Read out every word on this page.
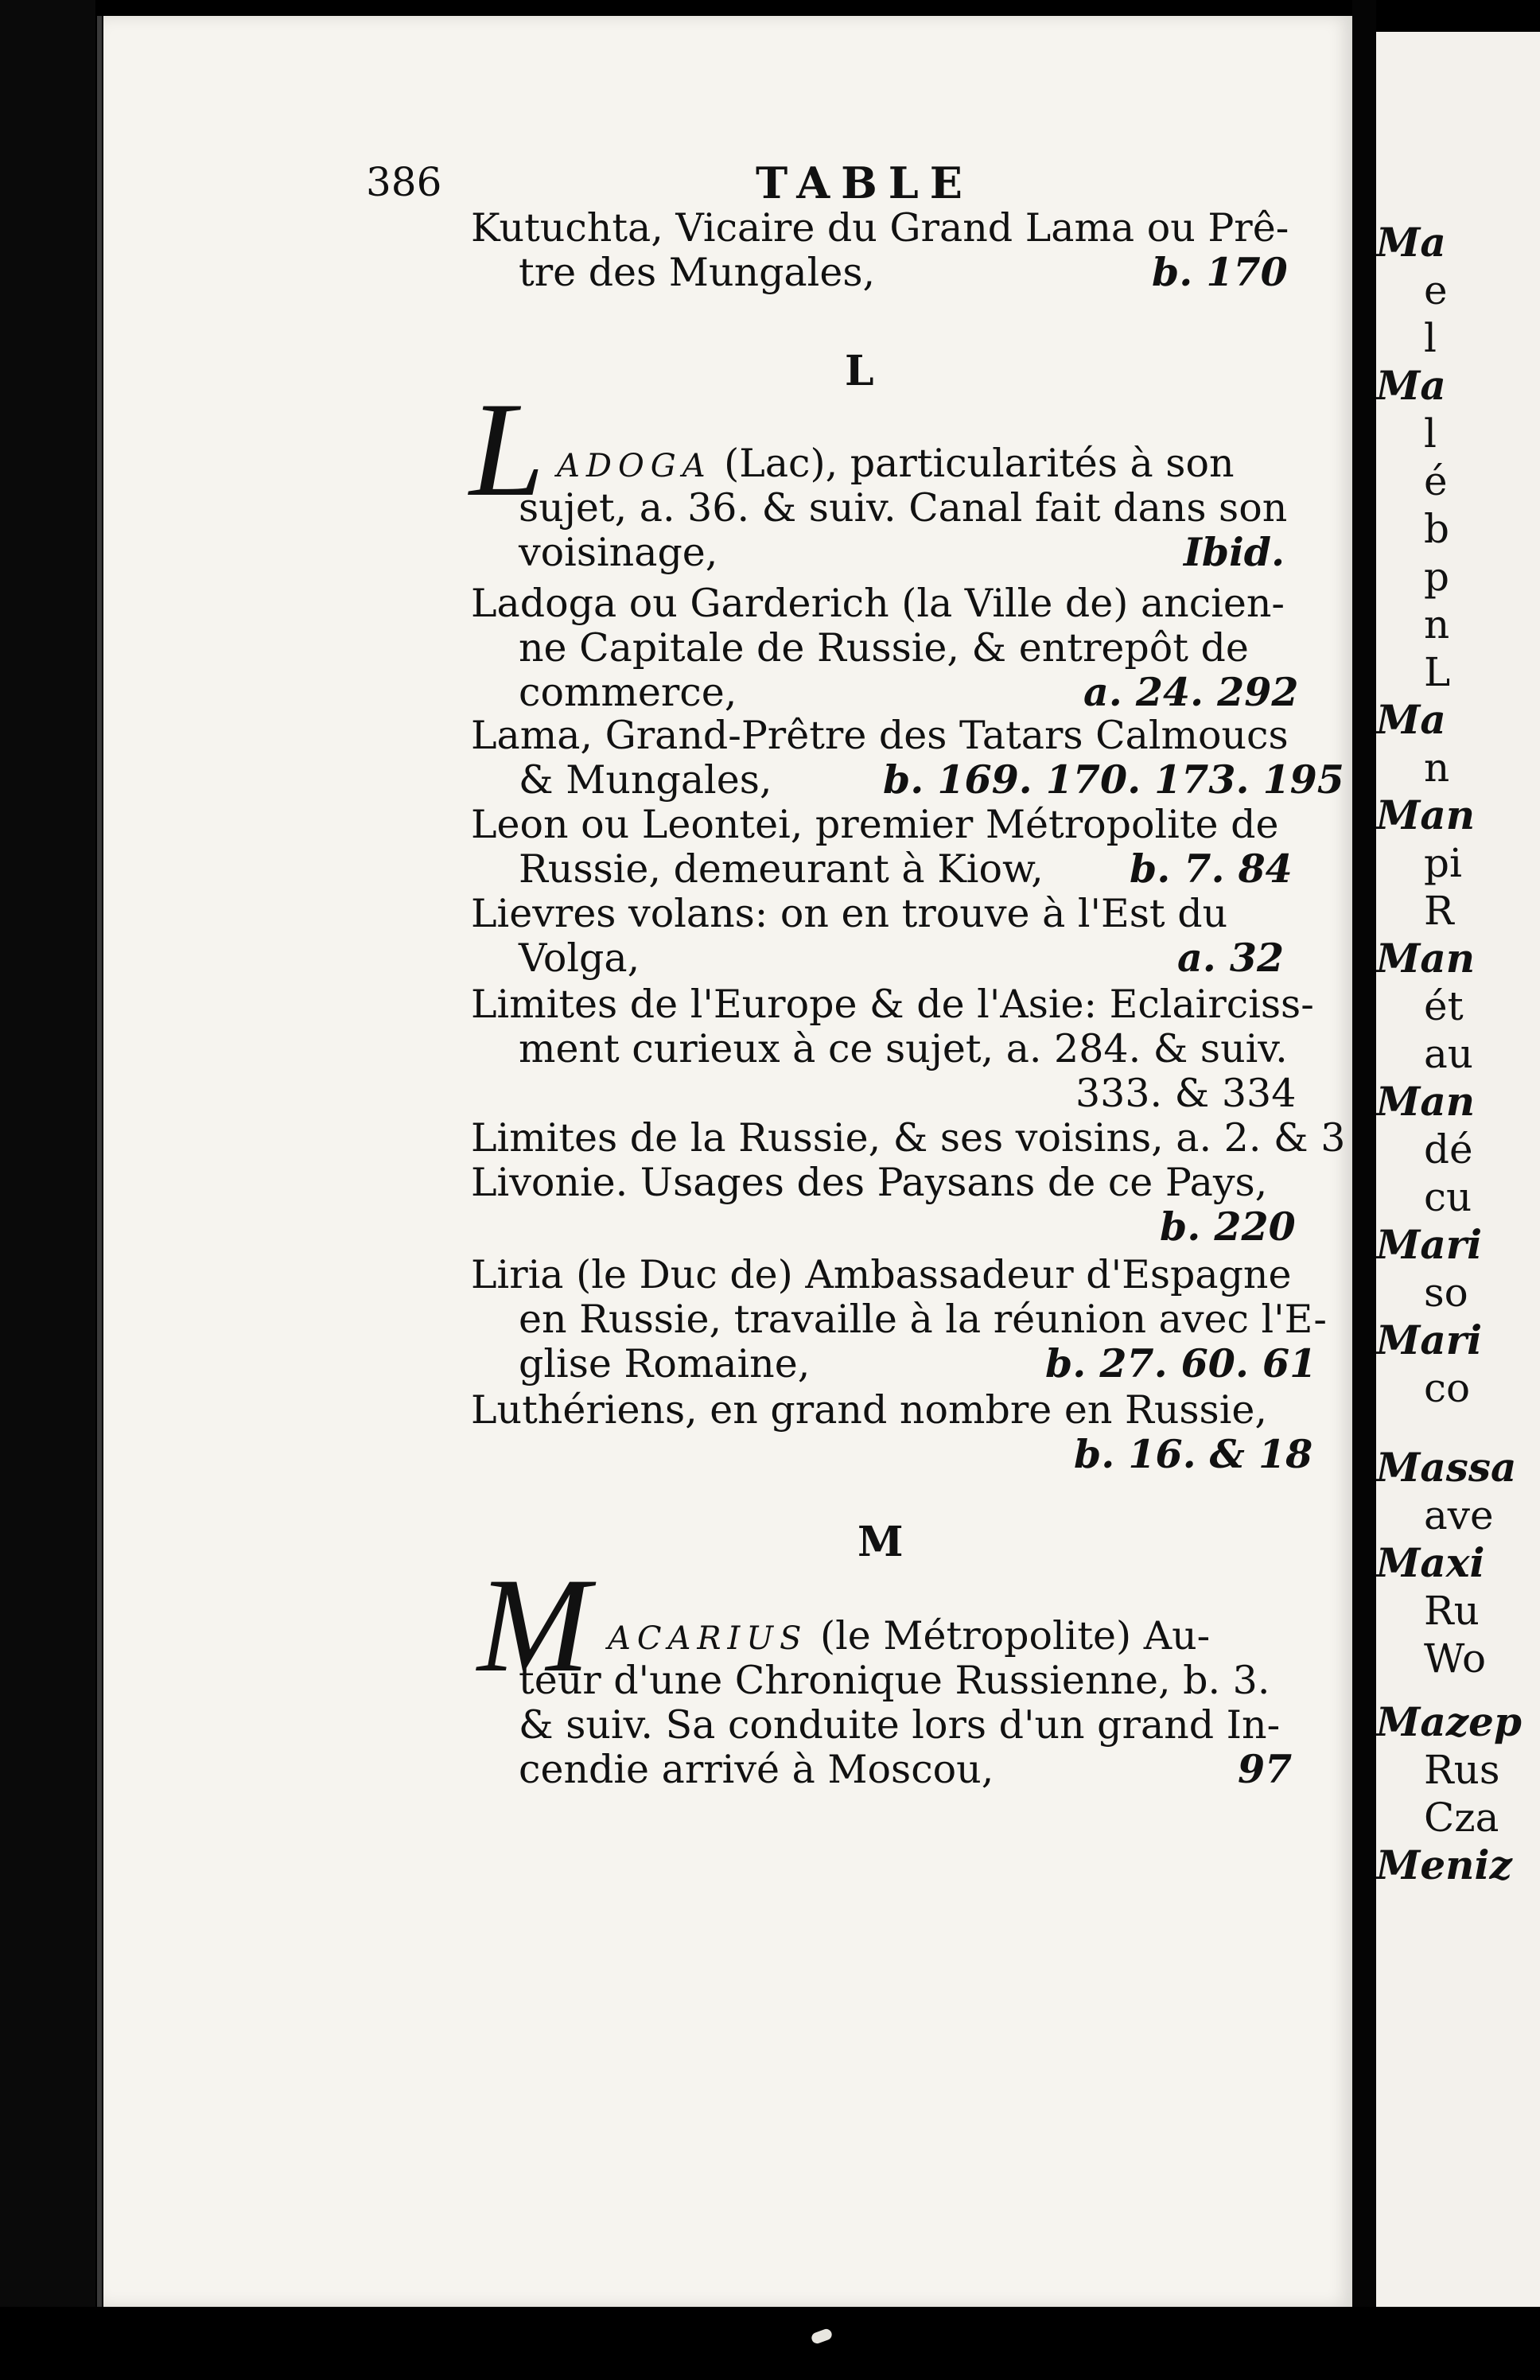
386	TABLE
Kutuchta, Vicaire du Grand Lama ou Prê-
tre des Mungales,	b. 170
L
L ADOGA (Lac), particularités à son
sujet, a. 36. & suiv. Canal fait dans son
voisinage,	Ibid.
Ladoga ou Garderich (la Ville de) ancien-
ne Capitale de Russie, & entrepôt de
commerce,	a. 24. 292
Lama, Grand-Prêtre des Tatars Calmoucs
& Mungales,	b. 169. 170. 173. 195
Leon ou Leontei, premier Métropolite de
Russie, demeurant à Kiow, b. 7. 84
Lievres volans: on en trouve à l'Est du
Volga,	a. 32
Limites de l'Europe & de l'Asie: Eclairciss-
ment curieux à ce sujet, a. 284. & suiv.
333. & 334
Limites de la Russie, & ses voisins, a. 2. & 3
Livonie. Usages des Paysans de ce Pays,
b. 220
Liria (le Duc de) Ambassadeur d'Espagne
en Russie, travaille à la réunion avec l'E-
glise Romaine,	b. 27. 60. 61
Luthériens, en grand nombre en Russie,
b. 16. & 18
M
M ACARIUS (le Métropolite) Au-
teur d'une Chronique Russienne, b. 3.
& suiv. Sa conduite lors d'un grand In-
cendie arrivé à Moscou,	97
Ma
e
l
Ma
l
é
b
p
n
L
Ma
n
Man
pi
R
Man
ét
au
Man
dé
cu
Mari
so
Mari
co
Massa
ave
Maxi
Ru
Wo
Mazep
Rus
Cza
Meniz
